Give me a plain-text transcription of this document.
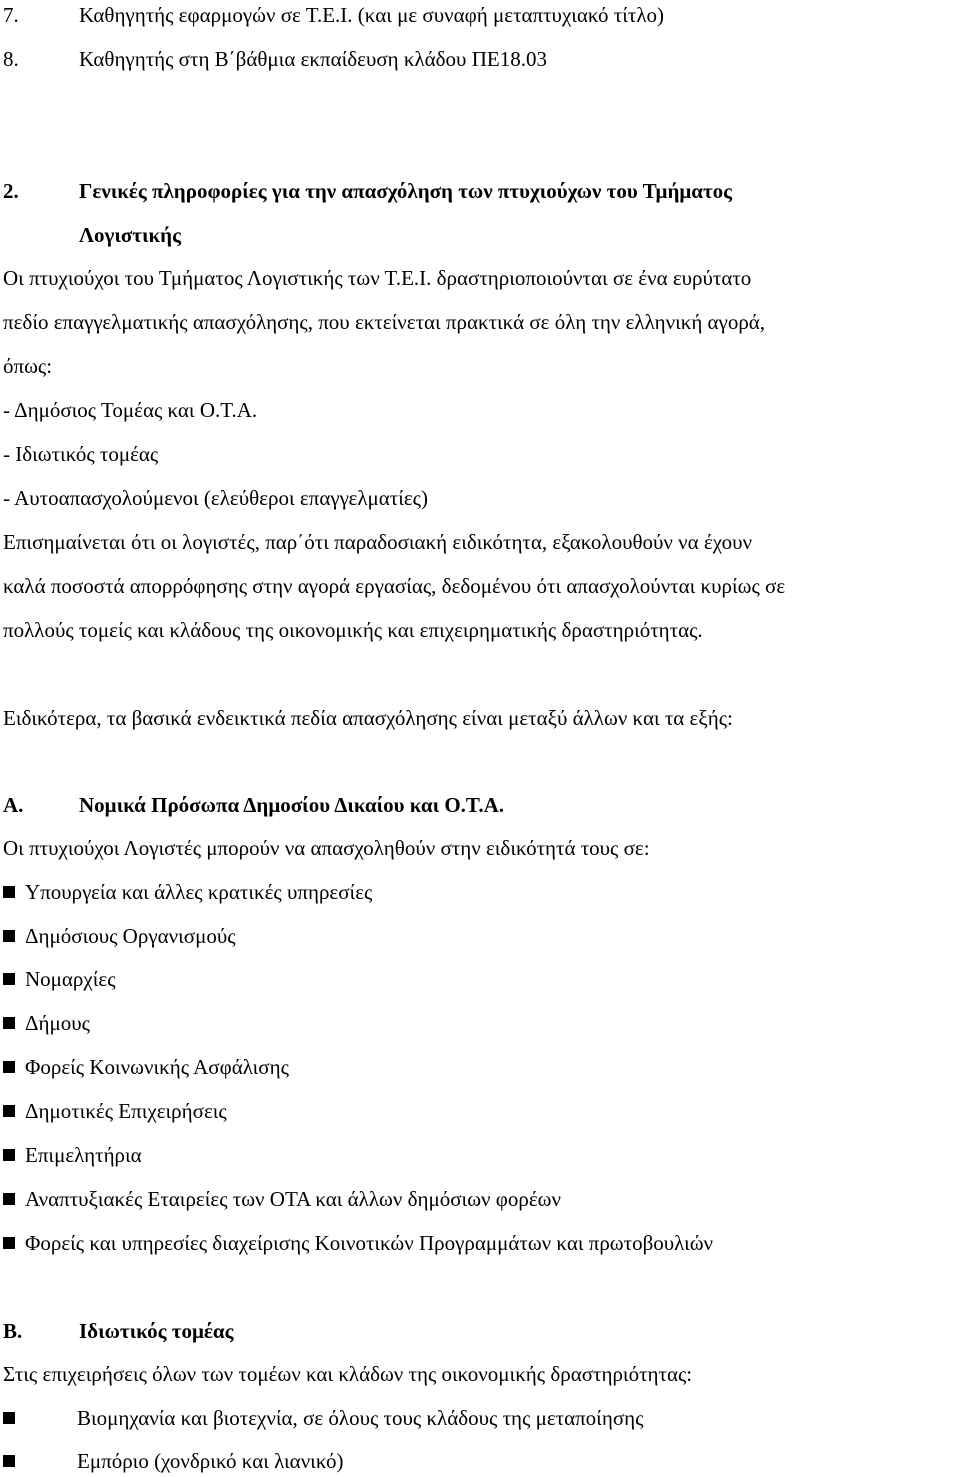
7.	Καθηγητής εφαρμογών σε Τ.Ε.Ι. (και με συναφή μεταπτυχιακό τίτλο)
8.	Καθηγητής στη Β΄βάθμια εκπαίδευση κλάδου ΠΕ18.03
2.	Γενικές πληροφορίες για την απασχόληση των πτυχιούχων του Τμήματος
Λογιστικής
Οι πτυχιούχοι του Τμήματος Λογιστικής των Τ.Ε.Ι. δραστηριοποιούνται σε ένα ευρύτατο
πεδίο επαγγελματικής απασχόλησης, που εκτείνεται πρακτικά σε όλη την ελληνική αγορά,
όπως:
- Δημόσιος Τομέας και Ο.Τ.Α.
- Ιδιωτικός τομέας
- Αυτοαπασχολούμενοι (ελεύθεροι επαγγελματίες)
Επισημαίνεται ότι οι λογιστές, παρ΄ότι παραδοσιακή ειδικότητα, εξακολουθούν να έχουν
καλά ποσοστά απορρόφησης στην αγορά εργασίας, δεδομένου ότι απασχολούνται κυρίως σε
πολλούς τομείς και κλάδους της οικονομικής και επιχειρηματικής δραστηριότητας.
Ειδικότερα, τα βασικά ενδεικτικά πεδία απασχόλησης είναι μεταξύ άλλων και τα εξής:
Α.	Νομικά Πρόσωπα Δημοσίου Δικαίου και Ο.Τ.Α.
Οι πτυχιούχοι Λογιστές μπορούν να απασχοληθούν στην ειδικότητά τους σε:
Υπουργεία και άλλες κρατικές υπηρεσίες
Δημόσιους Οργανισμούς
Νομαρχίες
Δήμους
Φορείς Κοινωνικής Ασφάλισης
Δημοτικές Επιχειρήσεις
Επιμελητήρια
Αναπτυξιακές Εταιρείες των ΟΤΑ και άλλων δημόσιων φορέων
Φορείς και υπηρεσίες διαχείρισης Κοινοτικών Προγραμμάτων και πρωτοβουλιών
Β.	Ιδιωτικός τομέας
Στις επιχειρήσεις όλων των τομέων και κλάδων της οικονομικής δραστηριότητας:
Βιομηχανία και βιοτεχνία, σε όλους τους κλάδους της μεταποίησης
Εμπόριο (χονδρικό και λιανικό)
